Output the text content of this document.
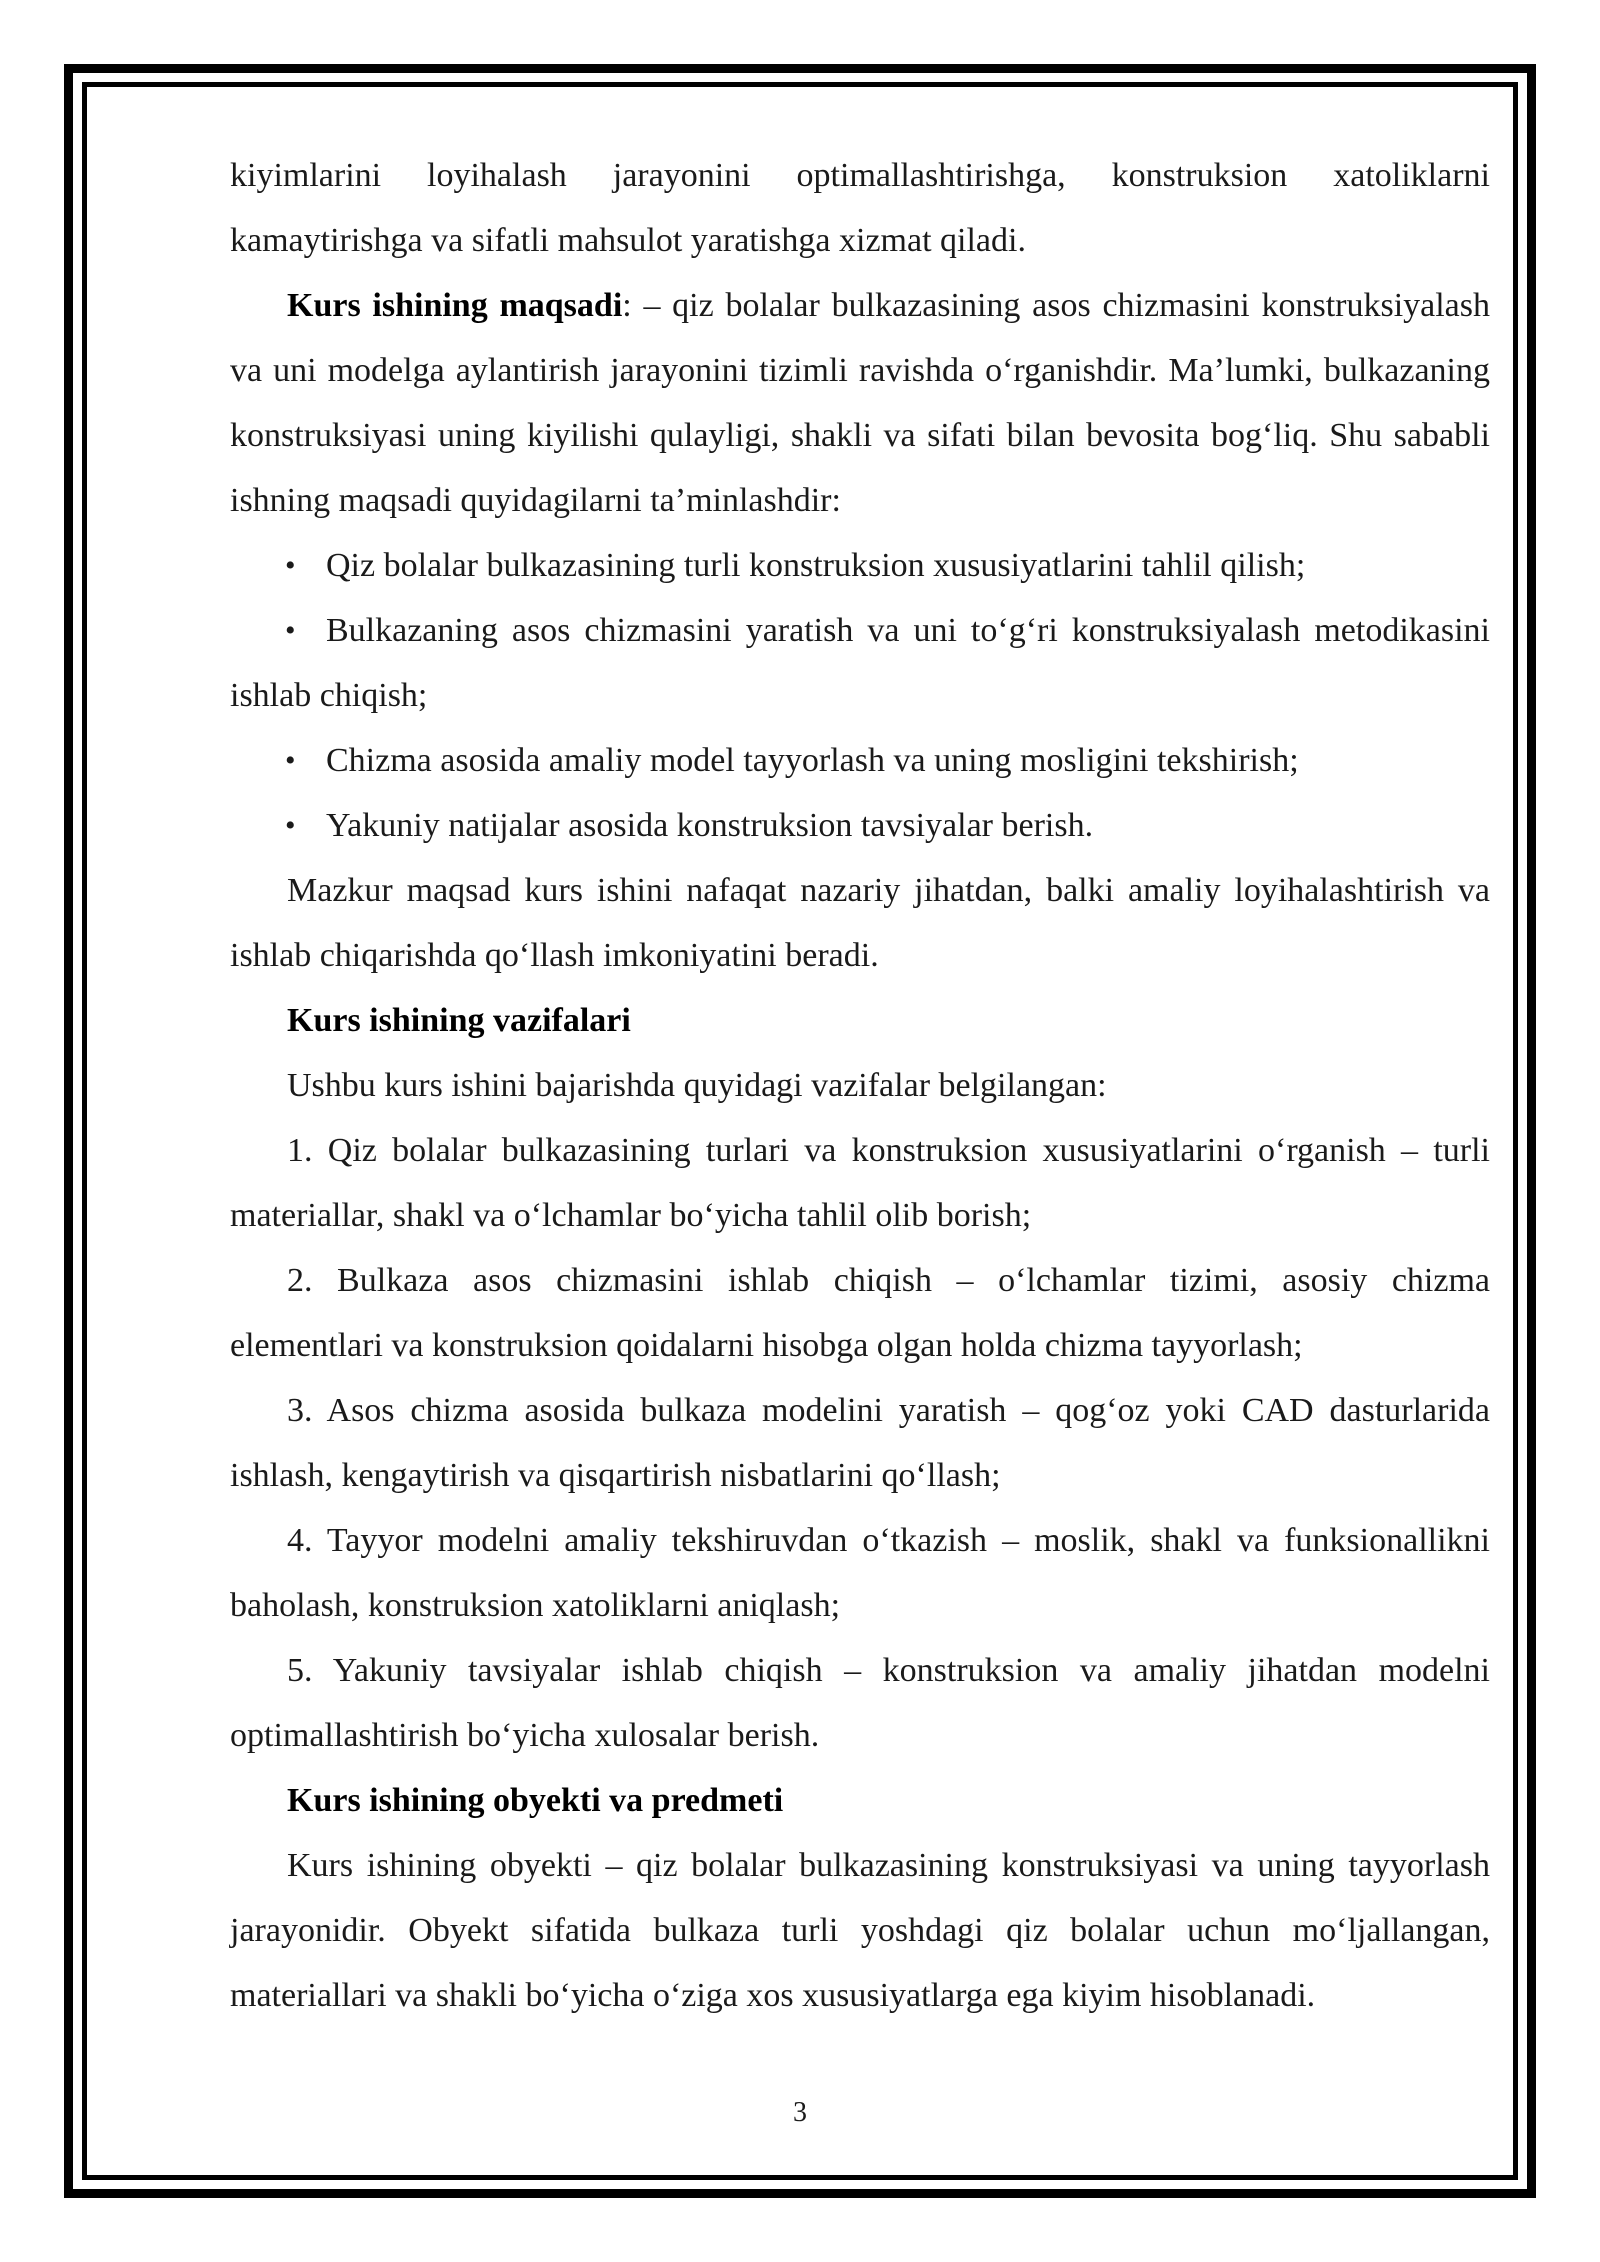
kiyimlarini loyihalash jarayonini optimallashtirishga, konstruksion xatoliklarni kamaytirishga va sifatli mahsulot yaratishga xizmat qiladi.

Kurs ishining maqsadi: – qiz bolalar bulkazasining asos chizmasini konstruksiyalash va uni modelga aylantirish jarayonini tizimli ravishda o‘rganishdir. Ma’lumki, bulkazaning konstruksiyasi uning kiyilishi qulayligi, shakli va sifati bilan bevosita bog‘liq. Shu sababli ishning maqsadi quyidagilarni ta’minlashdir:

• Qiz bolalar bulkazasining turli konstruksion xususiyatlarini tahlil qilish;

• Bulkazaning asos chizmasini yaratish va uni to‘g‘ri konstruksiyalash metodikasini ishlab chiqish;

• Chizma asosida amaliy model tayyorlash va uning mosligini tekshirish;

• Yakuniy natijalar asosida konstruksion tavsiyalar berish.

Mazkur maqsad kurs ishini nafaqat nazariy jihatdan, balki amaliy loyihalashtirish va ishlab chiqarishda qo‘llash imkoniyatini beradi.

Kurs ishining vazifalari

Ushbu kurs ishini bajarishda quyidagi vazifalar belgilangan:

1. Qiz bolalar bulkazasining turlari va konstruksion xususiyatlarini o‘rganish – turli materiallar, shakl va o‘lchamlar bo‘yicha tahlil olib borish;

2. Bulkaza asos chizmasini ishlab chiqish – o‘lchamlar tizimi, asosiy chizma elementlari va konstruksion qoidalarni hisobga olgan holda chizma tayyorlash;

3. Asos chizma asosida bulkaza modelini yaratish – qog‘oz yoki CAD dasturlarida ishlash, kengaytirish va qisqartirish nisbatlarini qo‘llash;

4. Tayyor modelni amaliy tekshiruvdan o‘tkazish – moslik, shakl va funksionallikni baholash, konstruksion xatoliklarni aniqlash;

5. Yakuniy tavsiyalar ishlab chiqish – konstruksion va amaliy jihatdan modelni optimallashtirish bo‘yicha xulosalar berish.

Kurs ishining obyekti va predmeti

Kurs ishining obyekti – qiz bolalar bulkazasining konstruksiyasi va uning tayyorlash jarayonidir. Obyekt sifatida bulkaza turli yoshdagi qiz bolalar uchun mo‘ljallangan, materiallari va shakli bo‘yicha o‘ziga xos xususiyatlarga ega kiyim hisoblanadi.

3
